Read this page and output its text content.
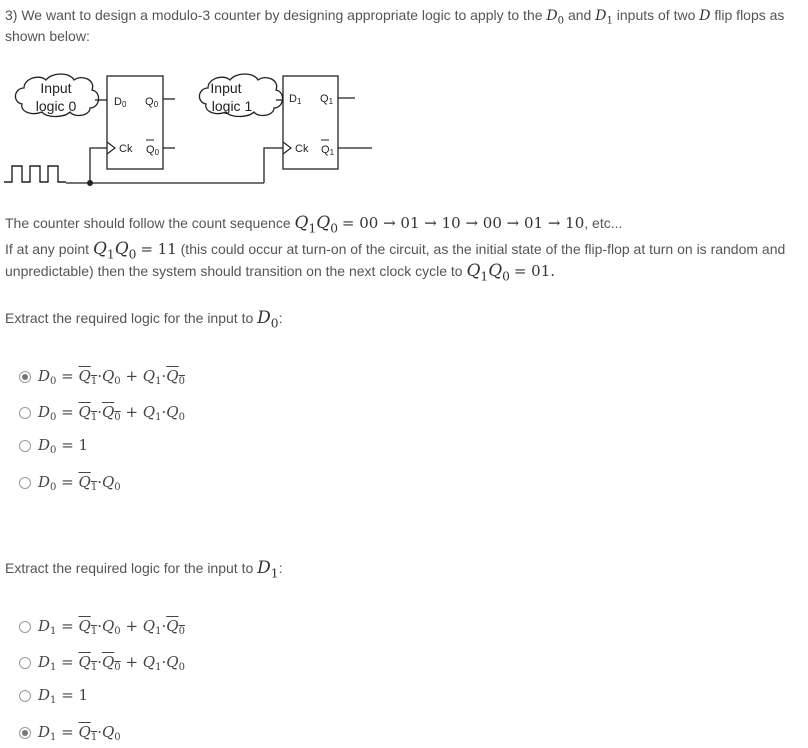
3) We want to design a modulo-3 counter by designing appropriate logic to apply to the $D_0$ and $D_1$ inputs of two D flip flops as
shown below:
Input
logic 0	D0 Q0
Ck Q0
Input
logic 1	D1 Q1
Ck Q1
The counter should follow the count sequence $Q_1Q_0 = 00 \to 01 \to 10 \to 00 \to 01 \to 10$, etc...
If at any point $Q_1Q_0 = 11$ (this could occur at turn-on of the circuit, as the initial state of the flip-flop at turn on is random and
unpredictable) then the system should transition on the next clock cycle to $Q_1Q_0 = 01$.
Extract the required logic for the input to $D_0$:
$D_0 = Q_1\cdot Q_0 + Q_1\cdot Q_0$
$D_0 = Q_1\cdot Q_0 + Q_1\cdot Q_0$
$D_0 = 1$
$D_0 = Q_1\cdot Q_0$
Extract the required logic for the input to $D_1$:
$D_1 = Q_1\cdot Q_0 + Q_1\cdot Q_0$
$D_1 = Q_1\cdot Q_0 + Q_1\cdot Q_0$
$D_1 = 1$
$D_1 = Q_1\cdot Q_0$
